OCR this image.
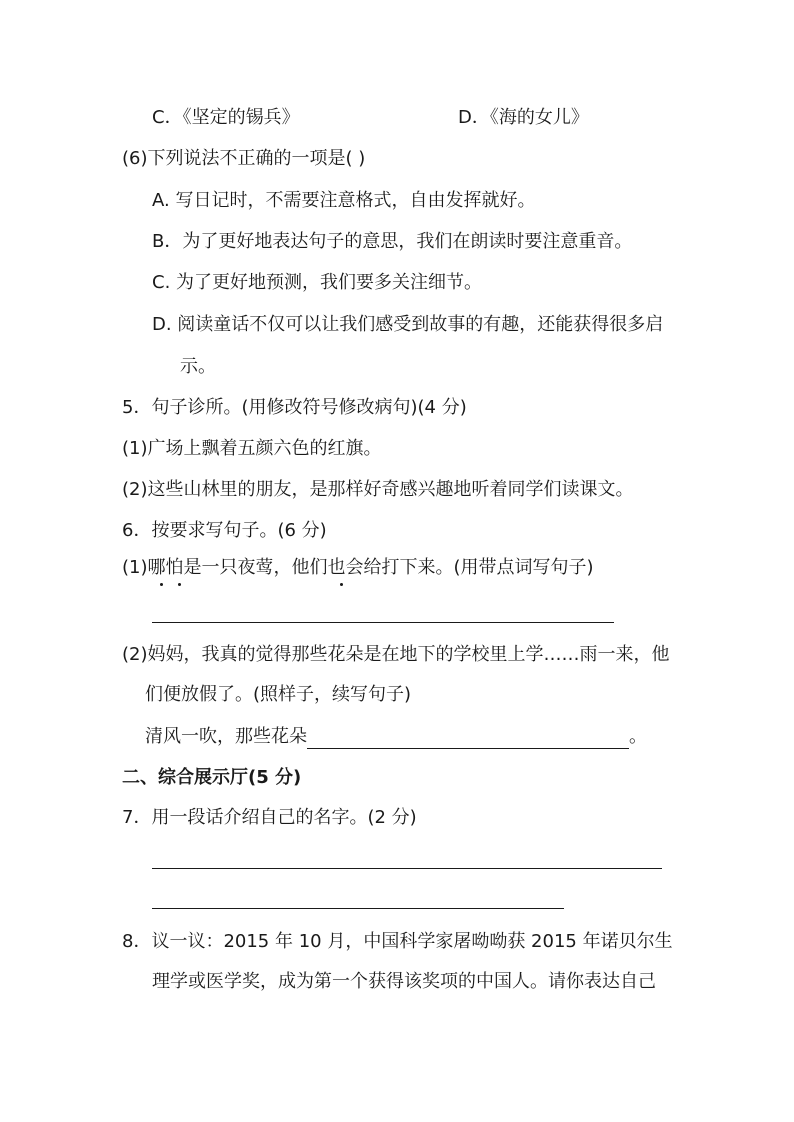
C．《坚定的锡兵》	D．《海的女儿》
(6)下列说法不正确的一项是( )
A. 写日记时，不需要注意格式，自由发挥就好。
B．为了更好地表达句子的意思，我们在朗读时要注意重音。
C. 为了更好地预测，我们要多关注细节。
D. 阅读童话不仅可以让我们感受到故事的有趣，还能获得很多启
示。
5．句子诊所。(用修改符号修改病句)(4 分)
(1)广场上飘着五颜六色的红旗。
(2)这些山林里的朋友，是那样好奇感兴趣地听着同学们读课文。
6．按要求写句子。(6 分)
(1)哪怕是一只夜莺，他们也会给打下来。(用带点词写句子)
(2)妈妈，我真的觉得那些花朵是在地下的学校里上学……雨一来，他
们便放假了。(照样子，续写句子)
清风一吹，那些花朵	。
二、综合展示厅(5 分)
7．用一段话介绍自己的名字。(2 分)
8．议一议：2015 年 10 月，中国科学家屠呦呦获 2015 年诺贝尔生
理学或医学奖，成为第一个获得该奖项的中国人。请你表达自己
